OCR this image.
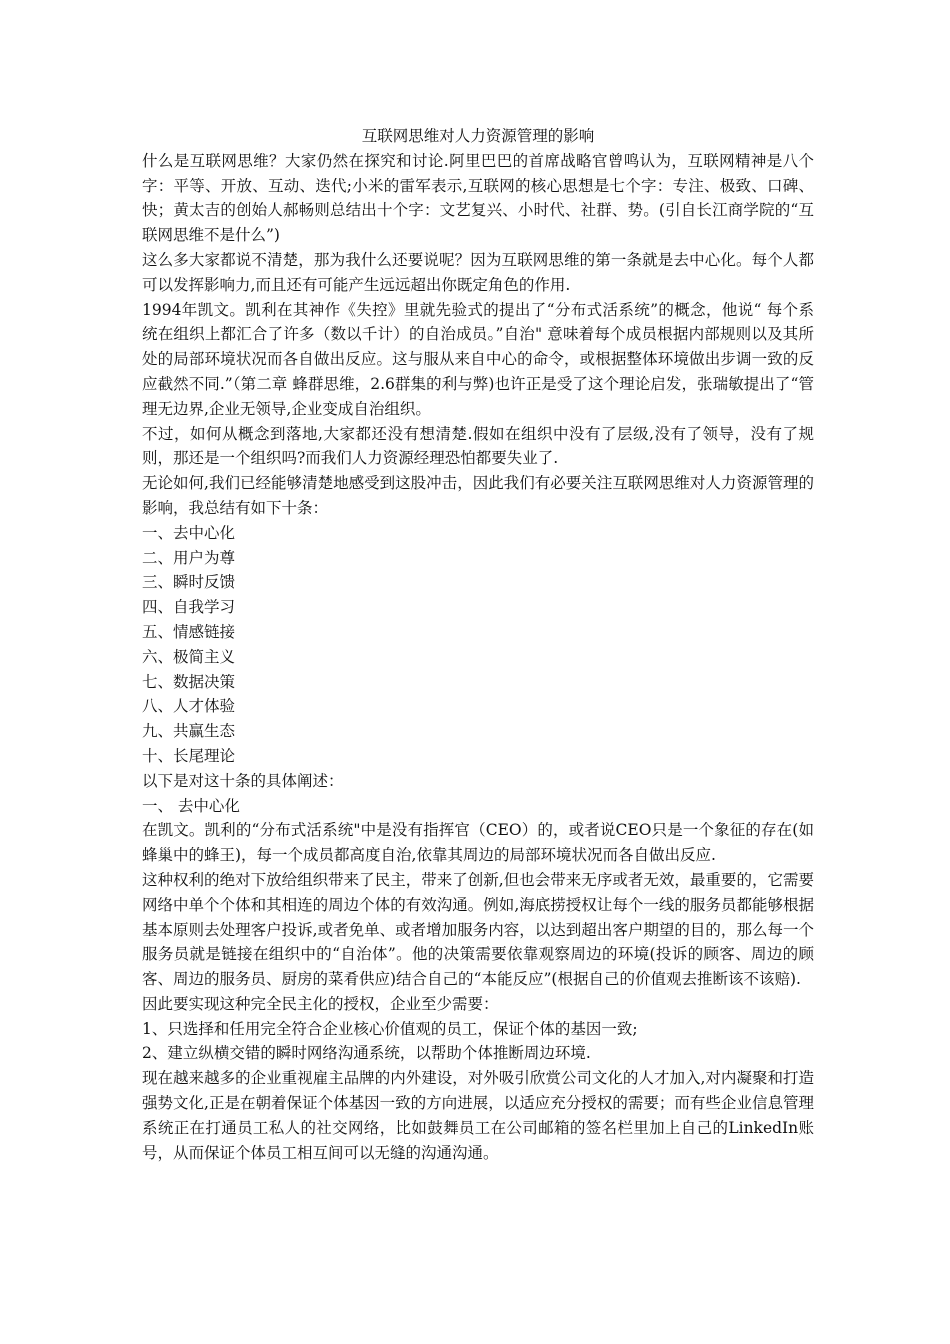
互联网思维对人力资源管理的影响

什么是互联网思维？大家仍然在探究和讨论.阿里巴巴的首席战略官曾鸣认为，互联网精神是八个字：平等、开放、互动、迭代;小米的雷军表示,互联网的核心思想是七个字：专注、极致、口碑、快；黄太吉的创始人郝畅则总结出十个字：文艺复兴、小时代、社群、势。(引自长江商学院的“互联网思维不是什么”)

这么多大家都说不清楚，那为我什么还要说呢？因为互联网思维的第一条就是去中心化。每个人都可以发挥影响力,而且还有可能产生远远超出你既定角色的作用.

1994年凯文。凯利在其神作《失控》里就先验式的提出了“分布式活系统”的概念，他说“ 每个系统在组织上都汇合了许多（数以千计）的自治成员。”自治" 意味着每个成员根据内部规则以及其所处的局部环境状况而各自做出反应。这与服从来自中心的命令，或根据整体环境做出步调一致的反应截然不同.”（第二章 蜂群思维，2.6群集的利与弊)也许正是受了这个理论启发，张瑞敏提出了“管理无边界,企业无领导,企业变成自治组织。

不过，如何从概念到落地,大家都还没有想清楚.假如在组织中没有了层级,没有了领导，没有了规则，那还是一个组织吗?而我们人力资源经理恐怕都要失业了.

无论如何,我们已经能够清楚地感受到这股冲击，因此我们有必要关注互联网思维对人力资源管理的影响，我总结有如下十条：

一、去中心化

二、用户为尊

三、瞬时反馈

四、自我学习

五、情感链接

六、极简主义

七、数据决策

八、人才体验

九、共赢生态

十、长尾理论

以下是对这十条的具体阐述：

一、 去中心化

在凯文。凯利的“分布式活系统"中是没有指挥官（CEO）的，或者说CEO只是一个象征的存在(如蜂巢中的蜂王)，每一个成员都高度自治,依靠其周边的局部环境状况而各自做出反应.

这种权利的绝对下放给组织带来了民主，带来了创新,但也会带来无序或者无效，最重要的，它需要网络中单个个体和其相连的周边个体的有效沟通。例如,海底捞授权让每个一线的服务员都能够根据基本原则去处理客户投诉,或者免单、或者增加服务内容，以达到超出客户期望的目的，那么每一个服务员就是链接在组织中的“自治体”。他的决策需要依靠观察周边的环境(投诉的顾客、周边的顾客、周边的服务员、厨房的菜肴供应)结合自己的“本能反应”(根据自己的价值观去推断该不该赔).

因此要实现这种完全民主化的授权，企业至少需要：

1、只选择和任用完全符合企业核心价值观的员工，保证个体的基因一致;

2、建立纵横交错的瞬时网络沟通系统，以帮助个体推断周边环境.

现在越来越多的企业重视雇主品牌的内外建设，对外吸引欣赏公司文化的人才加入,对内凝聚和打造强势文化,正是在朝着保证个体基因一致的方向进展，以适应充分授权的需要；而有些企业信息管理系统正在打通员工私人的社交网络，比如鼓舞员工在公司邮箱的签名栏里加上自己的LinkedIn账号，从而保证个体员工相互间可以无缝的沟通沟通。
